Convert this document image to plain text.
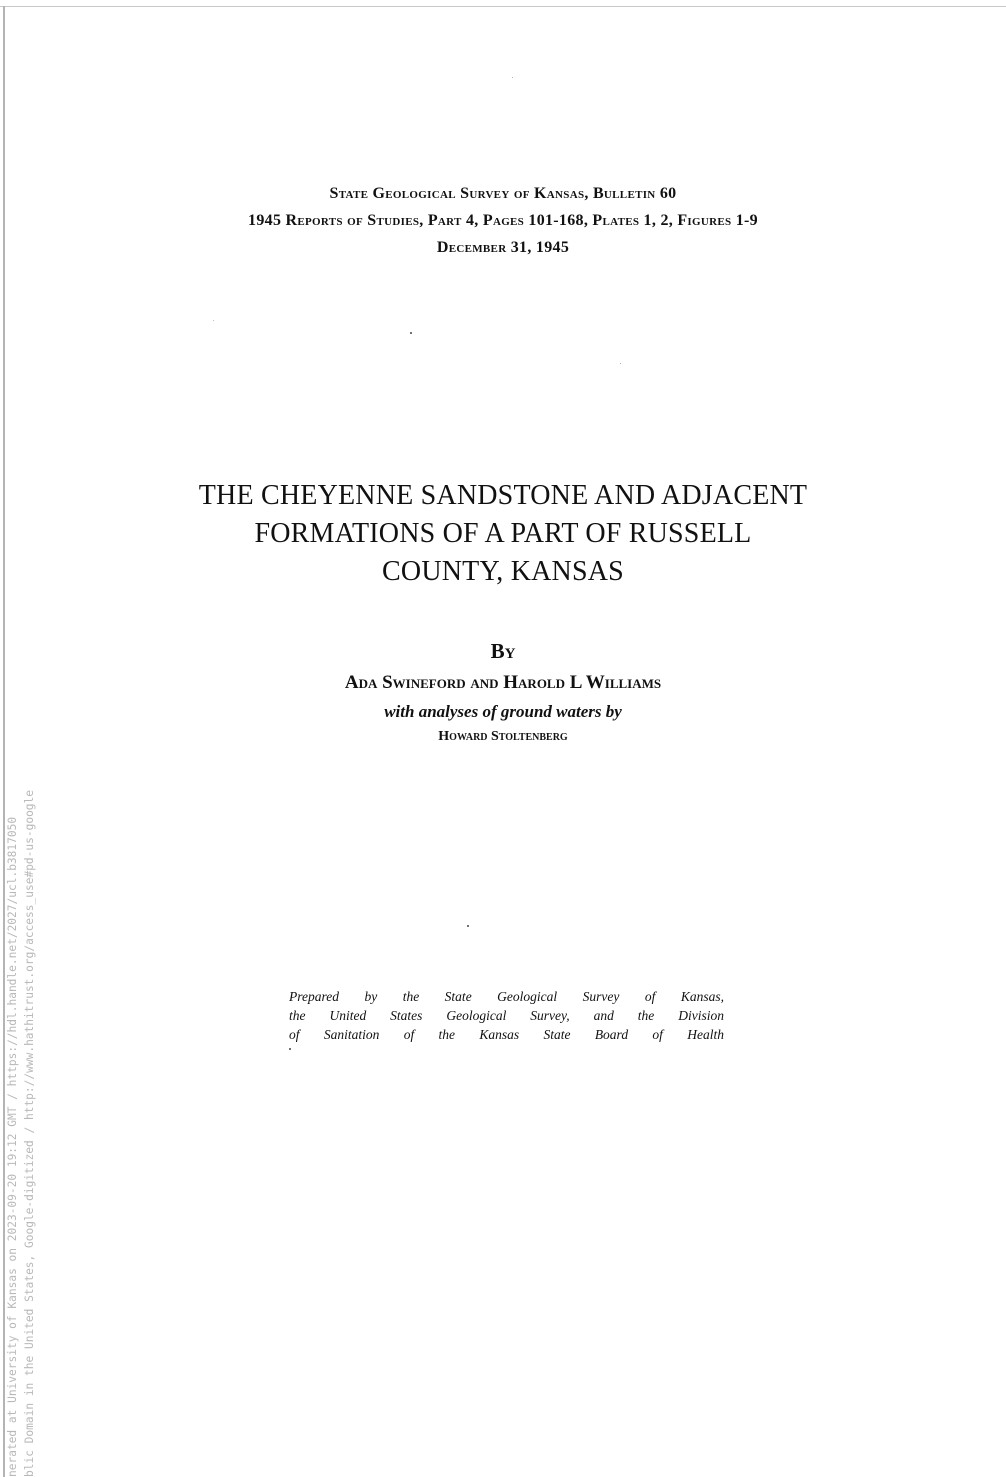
State Geological Survey of Kansas, Bulletin 60
1945 Reports of Studies, Part 4, Pages 101-168, Plates 1, 2, Figures 1-9
December 31, 1945
THE CHEYENNE SANDSTONE AND ADJACENT
FORMATIONS OF A PART OF RUSSELL
COUNTY, KANSAS
By
Ada Swineford and Harold L Williams
with analyses of ground waters by
Howard Stoltenberg
Prepared by the State Geological Survey of Kansas,
the United States Geological Survey, and the Division
of Sanitation of the Kansas State Board of Health
nerated at University of Kansas on 2023-09-20 19:12 GMT / https://hdl.handle.net/2027/ucl.b3817050 blic Domain in the United States, Google-digitized / http://www.hathitrust.org/access_use#pd-us-google
